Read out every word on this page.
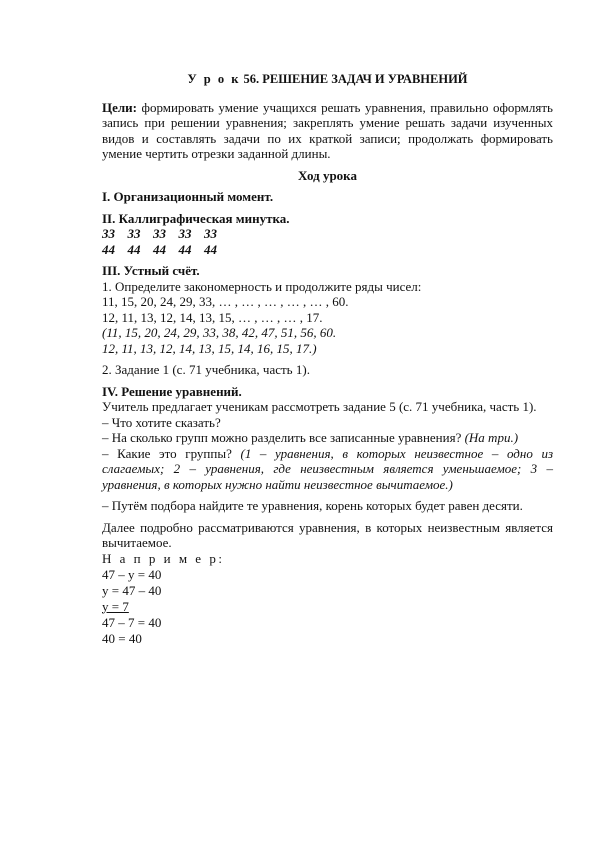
У р о к 56. РЕШЕНИЕ ЗАДАЧ И УРАВНЕНИЙ

Цели: формировать умение учащихся решать уравнения, правильно оформлять запись при решении уравнения; закреплять умение решать задачи изученных видов и составлять задачи по их краткой записи; продолжать формировать умение чертить отрезки заданной длины.

Ход урока

I. Организационный момент.

II. Каллиграфическая минутка.

33  33  33  33  33

44  44  44  44  44

III. Устный счёт.

1. Определите закономерность и продолжите ряды чисел:

11, 15, 20, 24, 29, 33, … , … , … , … , … , 60.

12, 11, 13, 12, 14, 13, 15, … , … , … , 17.

(11, 15, 20, 24, 29, 33, 38, 42, 47, 51, 56, 60.

12, 11, 13, 12, 14, 13, 15, 14, 16, 15, 17.)

2. Задание 1 (с. 71 учебника, часть 1).

IV. Решение уравнений.

Учитель предлагает ученикам рассмотреть задание 5 (с. 71 учебника, часть 1).

– Что хотите сказать?

– На сколько групп можно разделить все записанные уравнения? (На три.)

– Какие это группы? (1 – уравнения, в которых неизвестное – одно из слагаемых; 2 – уравнения, где неизвестным является уменьшаемое; 3 – уравнения, в которых нужно найти неизвестное вычитаемое.)

– Путём подбора найдите те уравнения, корень которых будет равен десяти.

Далее подробно рассматриваются уравнения, в которых неизвестным является вычитаемое.

Н а п р и м е р:

47 – у = 40

у = 47 – 40

у = 7

47 – 7 = 40

40 = 40
